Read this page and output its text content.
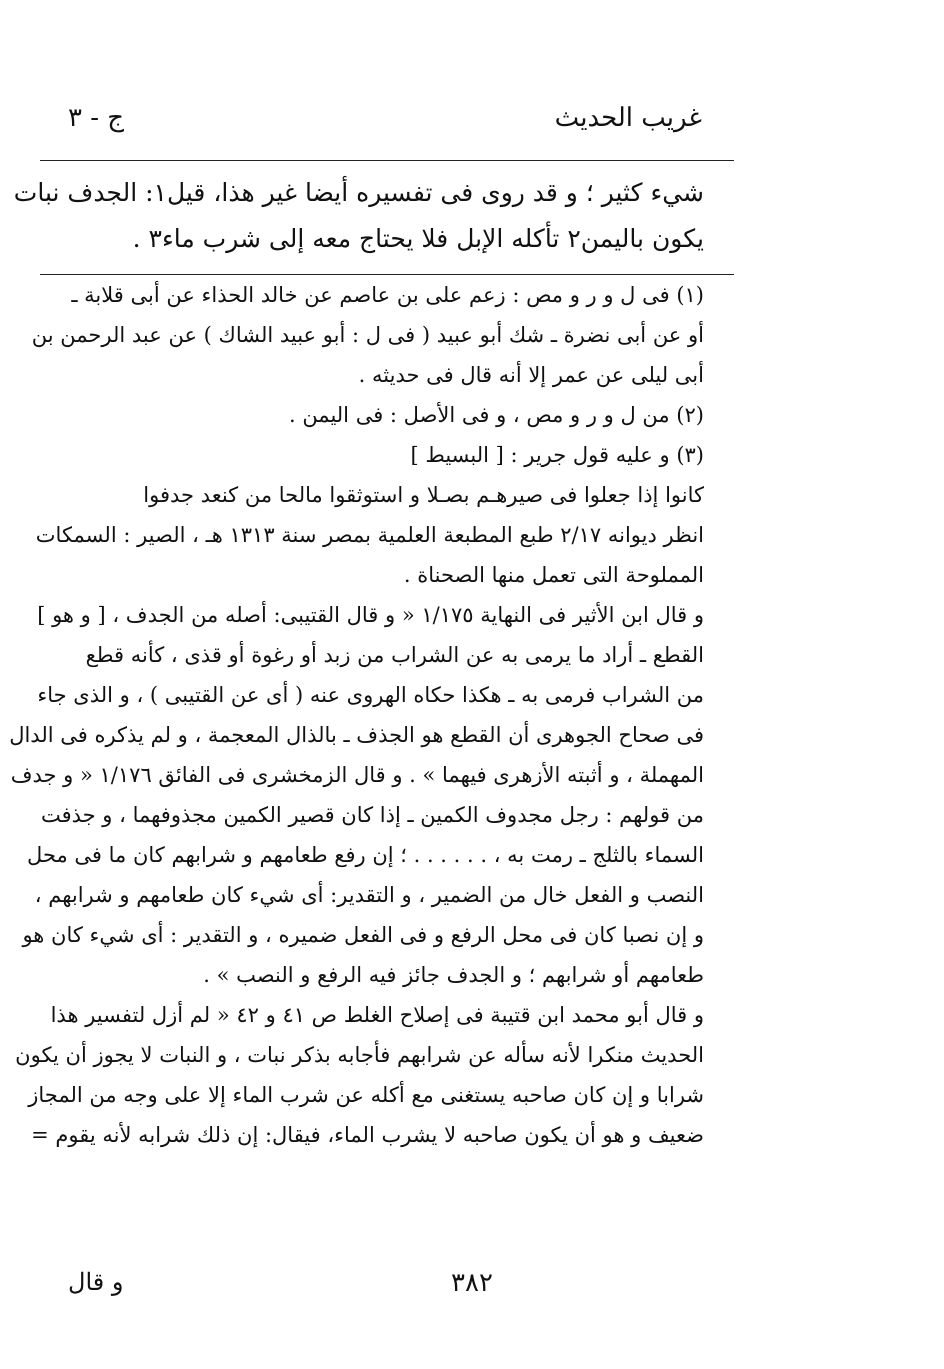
غريب الحديث
ج - ٣
شيء كثير ؛ و قد روى فى تفسيره أيضا غير هذا، قيل١: الجدف نبات
يكون باليمن٢ تأكله الإبل فلا يحتاج معه إلى شرب ماء٣ .
(١) فى ل و ر و مص : زعم على بن عاصم عن خالد الحذاء عن أبى قلابة ـ
أو عن أبى نضرة ـ شك أبو عبيد ( فى ل : أبو عبيد الشاك ) عن عبد الرحمن بن
أبى ليلى عن عمر إلا أنه قال فى حديثه .
(٢) من ل و ر و مص ، و فى الأصل : فى اليمن .
(٣) و عليه قول جرير : [ البسيط ]
كانوا إذا جعلوا فى صيرهـم بصـلا و استوثقوا مالحا من كنعد جدفوا
انظر ديوانه ٢/١٧ طبع المطبعة العلمية بمصر سنة ١٣١٣ هـ ، الصير : السمكات
المملوحة التى تعمل منها الصحناة .
و قال ابن الأثير فى النهاية ١/١٧٥ « و قال القتيبى: أصله من الجدف ، [ و هو ]
القطع ـ أراد ما يرمى به عن الشراب من زبد أو رغوة أو قذى ، كأنه قطع
من الشراب فرمى به ـ هكذا حكاه الهروى عنه ( أى عن القتيبى ) ، و الذى جاء
فى صحاح الجوهرى أن القطع هو الجذف ـ بالذال المعجمة ، و لم يذكره فى الدال
المهملة ، و أثبته الأزهرى فيهما » . و قال الزمخشرى فى الفائق ١/١٧٦ « و جدف
من قولهم : رجل مجدوف الكمين ـ إذا كان قصير الكمين مجذوفهما ، و جذفت
السماء بالثلج ـ رمت به ، . . . . . . ؛ إن رفع طعامهم و شرابهم كان ما فى محل
النصب و الفعل خال من الضمير ، و التقدير: أى شيء كان طعامهم و شرابهم ،
و إن نصبا كان فى محل الرفع و فى الفعل ضميره ، و التقدير : أى شيء كان هو
طعامهم أو شرابهم ؛ و الجدف جائز فيه الرفع و النصب » .
و قال أبو محمد ابن قتيبة فى إصلاح الغلط ص ٤١ و ٤٢ « لم أزل لتفسير هذا
الحديث منكرا لأنه سأله عن شرابهم فأجابه بذكر نبات ، و النبات لا يجوز أن يكون
شرابا و إن كان صاحبه يستغنى مع أكله عن شرب الماء إلا على وجه من المجاز
ضعيف و هو أن يكون صاحبه لا يشرب الماء، فيقال: إن ذلك شرابه لأنه يقوم =
٣٨٢
و قال
